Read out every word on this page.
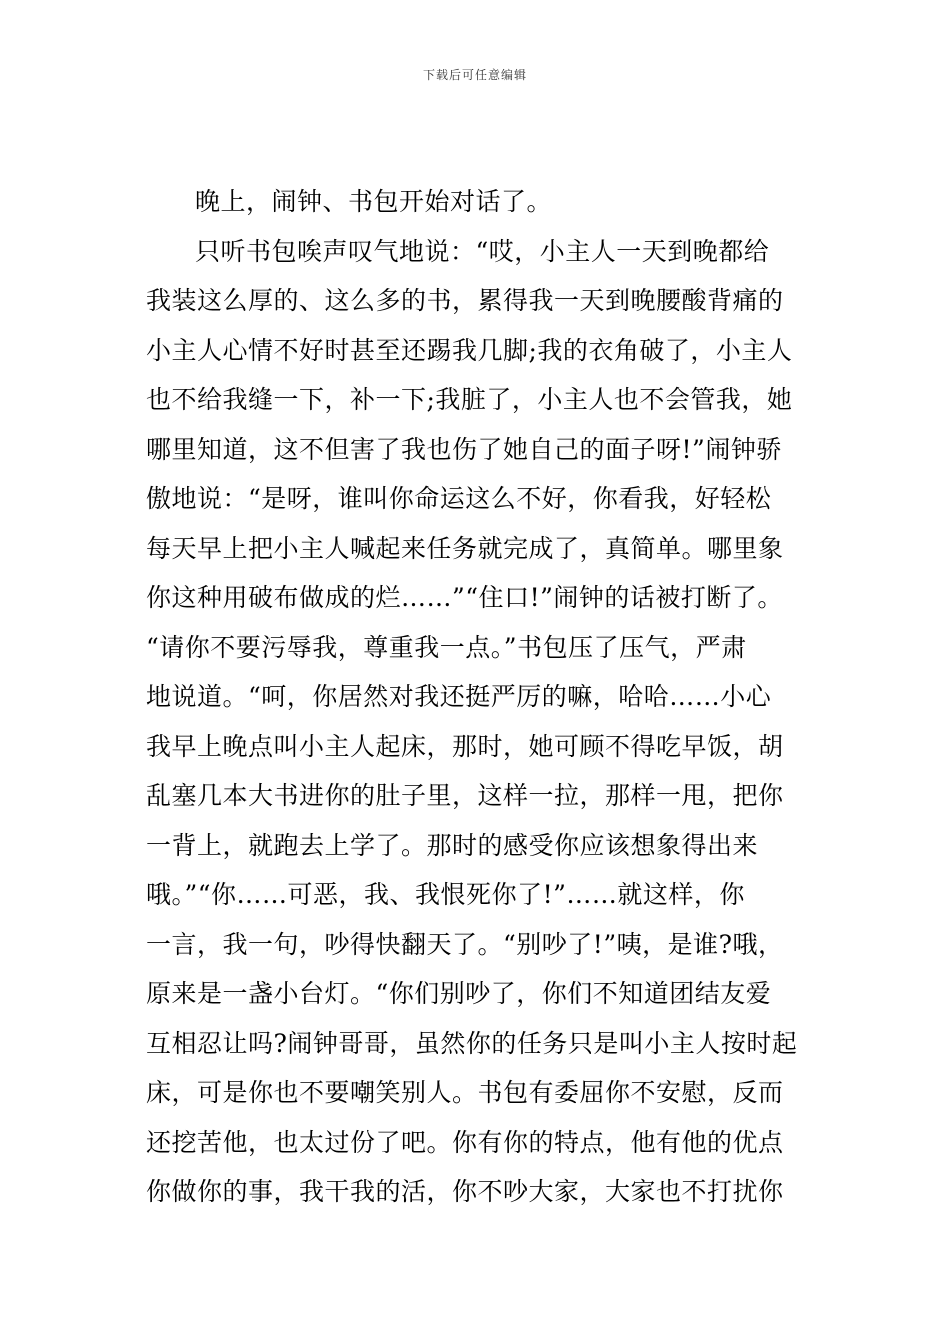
下载后可任意编辑
晚上，闹钟、书包开始对话了。
只听书包唉声叹气地说：“哎，小主人一天到晚都给
我装这么厚的、这么多的书，累得我一天到晚腰酸背痛的
小主人心情不好时甚至还踢我几脚;我的衣角破了，小主人
也不给我缝一下，补一下;我脏了，小主人也不会管我，她
哪里知道，这不但害了我也伤了她自己的面子呀!”闹钟骄
傲地说：“是呀，谁叫你命运这么不好，你看我，好轻松
每天早上把小主人喊起来任务就完成了，真简单。哪里象
你这种用破布做成的烂……”“住口!”闹钟的话被打断了。
“请你不要污辱我，尊重我一点。”书包压了压气，严肃
地说道。“呵，你居然对我还挺严厉的嘛，哈哈……小心
我早上晚点叫小主人起床，那时，她可顾不得吃早饭，胡
乱塞几本大书进你的肚子里，这样一拉，那样一甩，把你
一背上，就跑去上学了。那时的感受你应该想象得出来
哦。”“你……可恶，我、我恨死你了!”……就这样，你
一言，我一句，吵得快翻天了。“别吵了!”咦，是谁?哦，
原来是一盏小台灯。“你们别吵了，你们不知道团结友爱
互相忍让吗?闹钟哥哥，虽然你的任务只是叫小主人按时起
床，可是你也不要嘲笑别人。书包有委屈你不安慰，反而
还挖苦他，也太过份了吧。你有你的特点，他有他的优点
你做你的事，我干我的活，你不吵大家，大家也不打扰你
